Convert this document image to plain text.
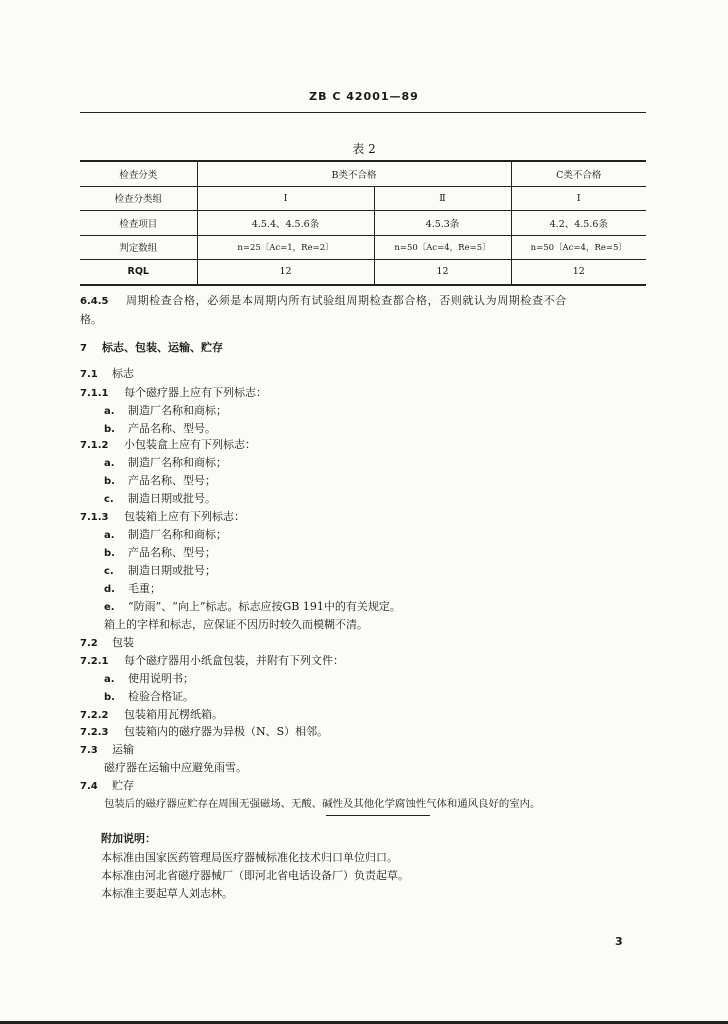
ZB C 42001—89
表 2
检查分类	B类不合格		C类不合格
检查分类组	Ⅰ	Ⅱ	Ⅰ
检查项目	4.5.4、4.5.6条	4.5.3条	4.2、4.5.6条
判定数组	n=25〔Ac=1，Re=2〕	n=50〔Ac=4，Re=5〕	n=50〔Ac=4，Re=5〕
RQL	12	12	12
6.4.5 周期检查合格，必须是本周期内所有试验组周期检查都合格，否则就认为周期检查不合
格。
7 标志、包装、运输、贮存
7.1 标志
7.1.1 每个磁疗器上应有下列标志：
a. 制造厂名称和商标；
b. 产品名称、型号。
7.1.2 小包装盒上应有下列标志：
a. 制造厂名称和商标；
b. 产品名称、型号；
c. 制造日期或批号。
7.1.3 包装箱上应有下列标志：
a. 制造厂名称和商标；
b. 产品名称、型号；
c. 制造日期或批号；
d. 毛重；
e. “防雨”、“向上”标志。标志应按GB 191中的有关规定。
箱上的字样和标志，应保证不因历时较久而模糊不清。
7.2 包装
7.2.1 每个磁疗器用小纸盒包装，并附有下列文件：
a. 使用说明书；
b. 检验合格证。
7.2.2 包装箱用瓦楞纸箱。
7.2.3 包装箱内的磁疗器为异极（N、S）相邻。
7.3 运输
磁疗器在运输中应避免雨雪。
7.4 贮存
包装后的磁疗器应贮存在周围无强磁场、无酸、碱性及其他化学腐蚀性气体和通风良好的室内。
附加说明：
本标准由国家医药管理局医疗器械标准化技术归口单位归口。
本标准由河北省磁疗器械厂（即河北省电话设备厂）负责起草。
本标准主要起草人刘志林。
3
